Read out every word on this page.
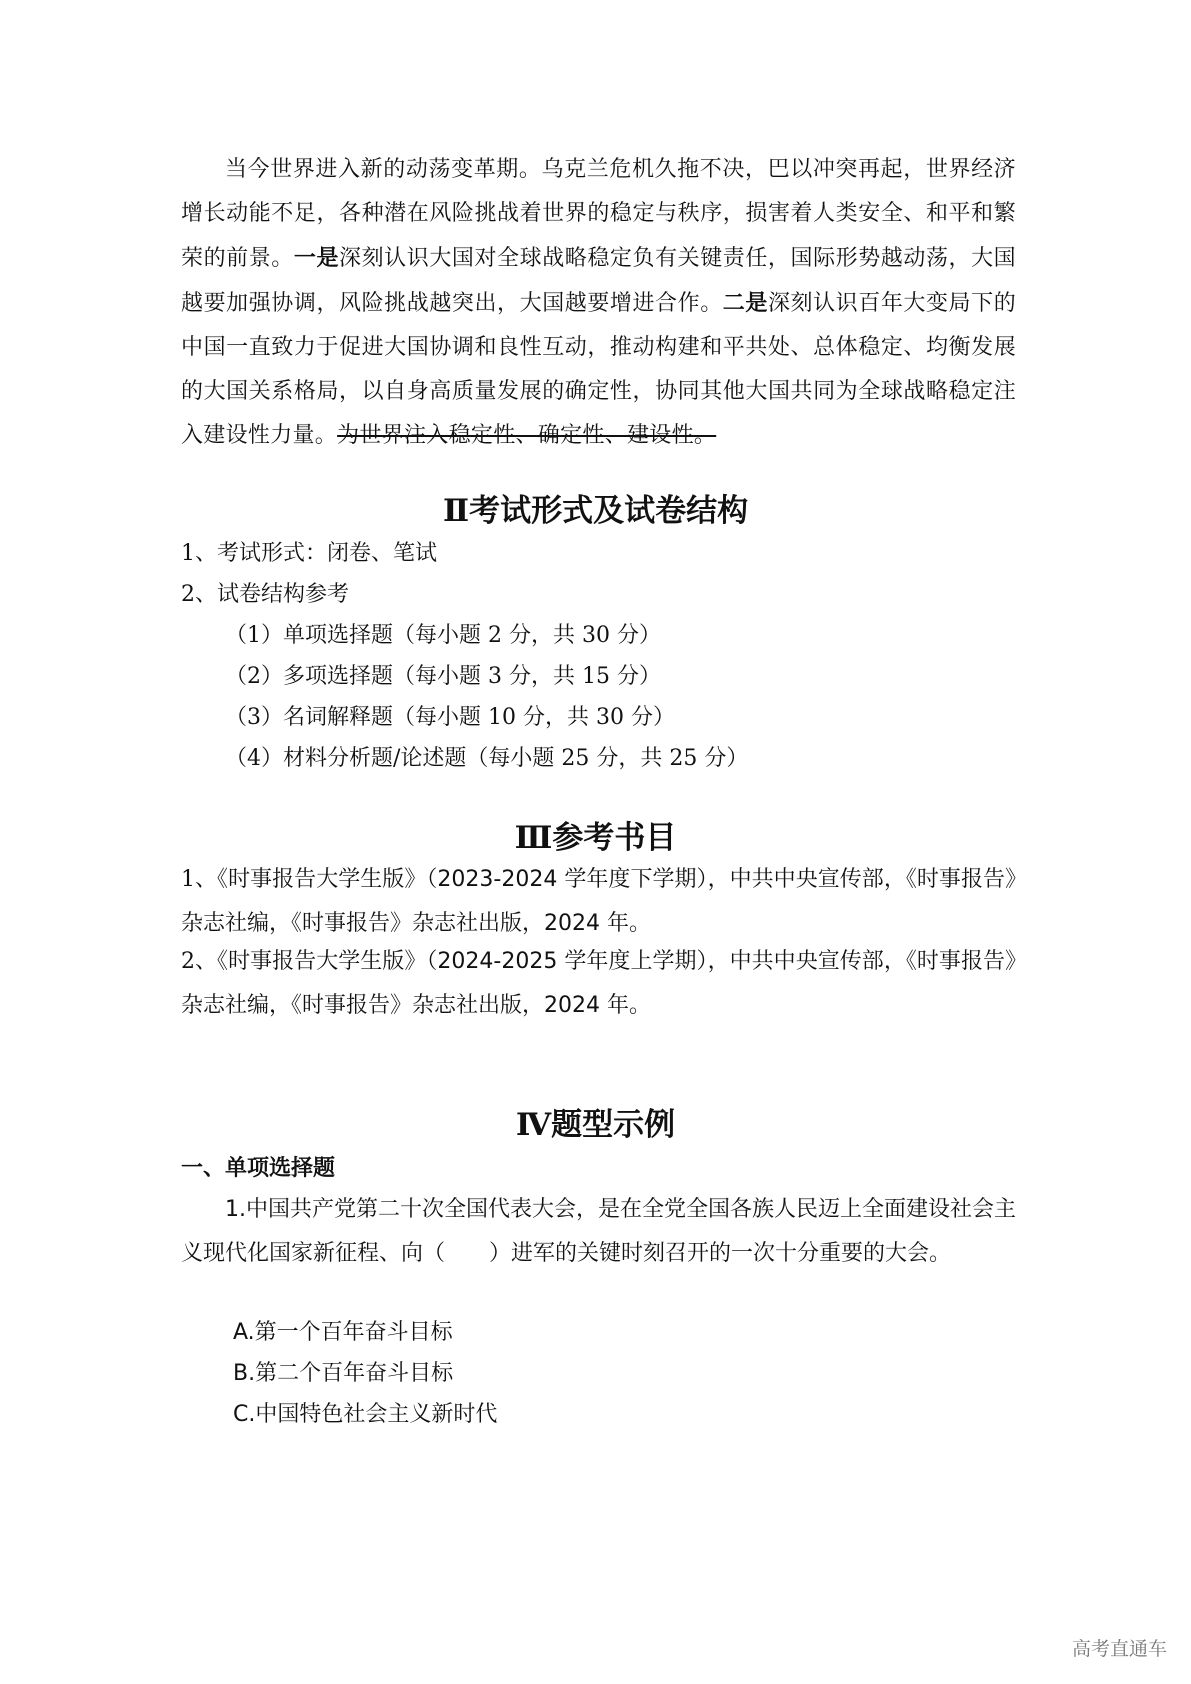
当今世界进入新的动荡变革期。乌克兰危机久拖不决，巴以冲突再起，世界经济增长动能不足，各种潜在风险挑战着世界的稳定与秩序，损害着人类安全、和平和繁荣的前景。一是深刻认识大国对全球战略稳定负有关键责任，国际形势越动荡，大国越要加强协调，风险挑战越突出，大国越要增进合作。二是深刻认识百年大变局下的中国一直致力于促进大国协调和良性互动，推动构建和平共处、总体稳定、均衡发展的大国关系格局，以自身高质量发展的确定性，协同其他大国共同为全球战略稳定注入建设性力量。为世界注入稳定性、确定性、建设性。

Ⅱ考试形式及试卷结构
1、考试形式：闭卷、笔试
2、试卷结构参考
（1）单项选择题（每小题 2 分，共 30 分）
（2）多项选择题（每小题 3 分，共 15 分）
（3）名词解释题（每小题 10 分，共 30 分）
（4）材料分析题/论述题（每小题 25 分，共 25 分）
Ⅲ参考书目

1、《时事报告大学生版》（2023-2024 学年度下学期），中共中央宣传部，《时事报告》杂志社编，《时事报告》杂志社出版，2024 年。

2、《时事报告大学生版》（2024-2025 学年度上学期），中共中央宣传部，《时事报告》杂志社编，《时事报告》杂志社出版，2024 年。

Ⅳ题型示例
一、单项选择题

1.中国共产党第二十次全国代表大会，是在全党全国各族人民迈上全面建设社会主义现代化国家新征程、向（　　）进军的关键时刻召开的一次十分重要的大会。

A.第一个百年奋斗目标
B.第二个百年奋斗目标
C.中国特色社会主义新时代
高考直通车
